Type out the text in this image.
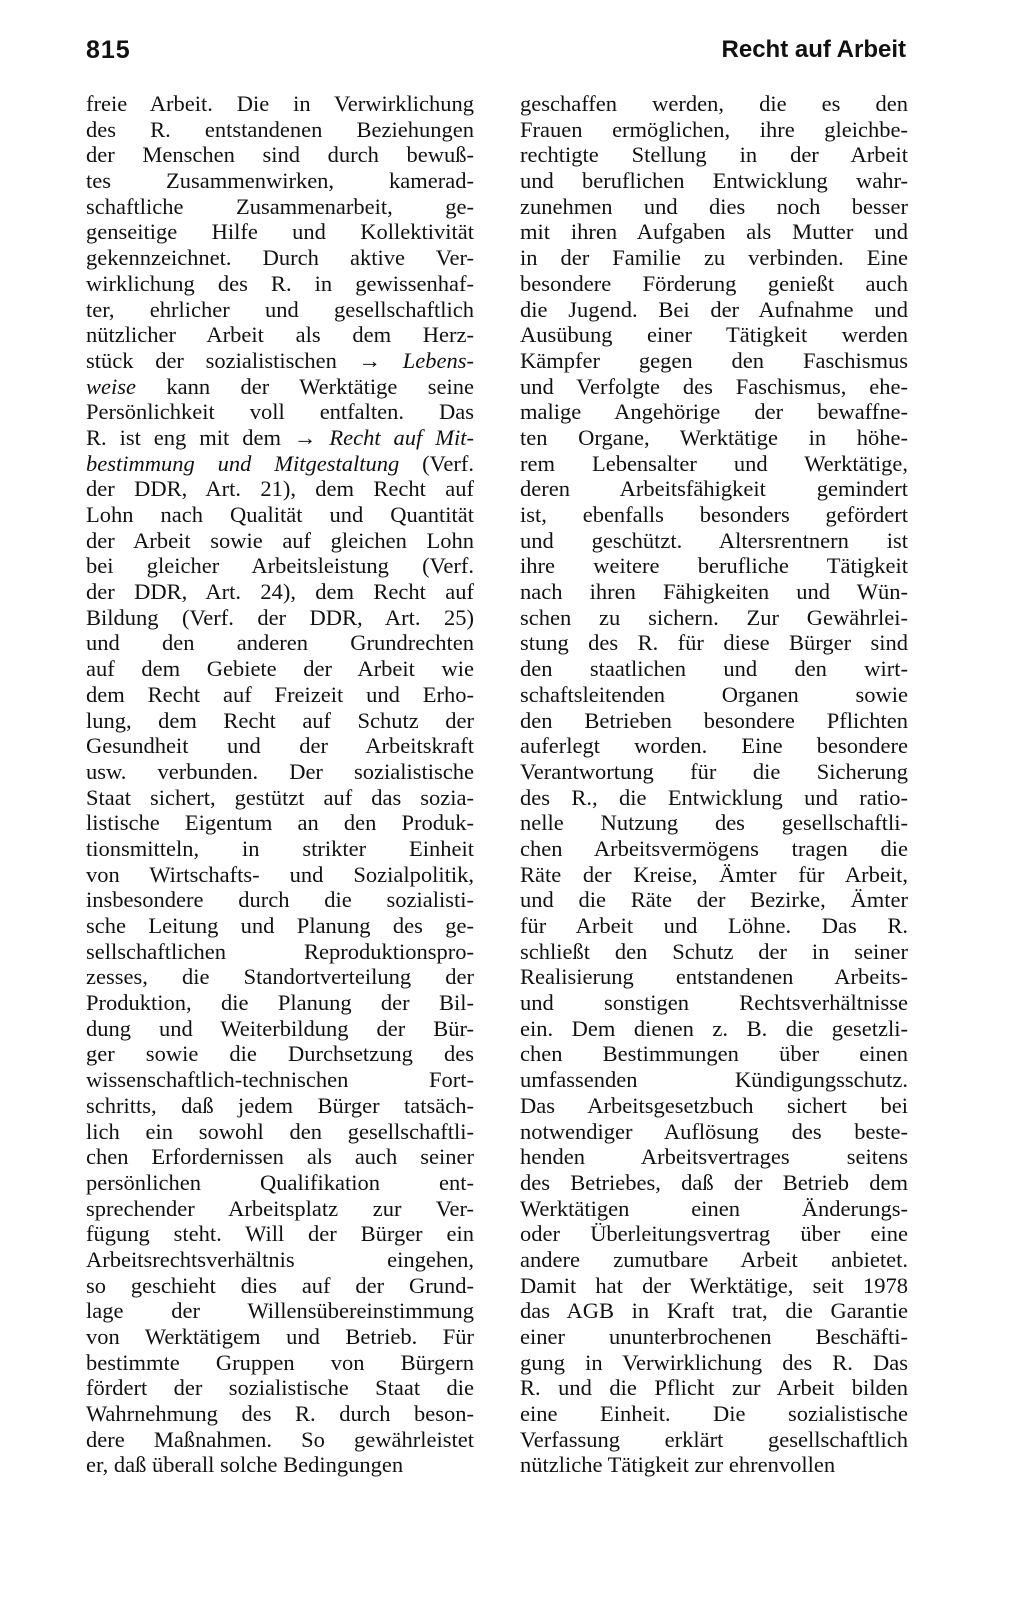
815	Recht auf Arbeit
freie Arbeit. Die in Verwirklichung
des R. entstandenen Beziehungen
der Menschen sind durch bewuß-
tes Zusammenwirken, kamerad-
schaftliche Zusammenarbeit, ge-
genseitige Hilfe und Kollektivität
gekennzeichnet. Durch aktive Ver-
wirklichung des R. in gewissenhaf-
ter, ehrlicher und gesellschaftlich
nützlicher Arbeit als dem Herz-
stück der sozialistischen → Lebens-
weise kann der Werktätige seine
Persönlichkeit voll entfalten. Das
R. ist eng mit dem → Recht auf Mit-
bestimmung und Mitgestaltung (Verf.
der DDR, Art. 21), dem Recht auf
Lohn nach Qualität und Quantität
der Arbeit sowie auf gleichen Lohn
bei gleicher Arbeitsleistung (Verf.
der DDR, Art. 24), dem Recht auf
Bildung (Verf. der DDR, Art. 25)
und den anderen Grundrechten
auf dem Gebiete der Arbeit wie
dem Recht auf Freizeit und Erho-
lung, dem Recht auf Schutz der
Gesundheit und der Arbeitskraft
usw. verbunden. Der sozialistische
Staat sichert, gestützt auf das sozia-
listische Eigentum an den Produk-
tionsmitteln, in strikter Einheit
von Wirtschafts- und Sozialpolitik,
insbesondere durch die sozialisti-
sche Leitung und Planung des ge-
sellschaftlichen Reproduktionspro-
zesses, die Standortverteilung der
Produktion, die Planung der Bil-
dung und Weiterbildung der Bür-
ger sowie die Durchsetzung des
wissenschaftlich-technischen Fort-
schritts, daß jedem Bürger tatsäch-
lich ein sowohl den gesellschaftli-
chen Erfordernissen als auch seiner
persönlichen Qualifikation ent-
sprechender Arbeitsplatz zur Ver-
fügung steht. Will der Bürger ein
Arbeitsrechtsverhältnis eingehen,
so geschieht dies auf der Grund-
lage der Willensübereinstimmung
von Werktätigem und Betrieb. Für
bestimmte Gruppen von Bürgern
fördert der sozialistische Staat die
Wahrnehmung des R. durch beson-
dere Maßnahmen. So gewährleistet
er, daß überall solche Bedingungen
geschaffen werden, die es den
Frauen ermöglichen, ihre gleichbe-
rechtigte Stellung in der Arbeit
und beruflichen Entwicklung wahr-
zunehmen und dies noch besser
mit ihren Aufgaben als Mutter und
in der Familie zu verbinden. Eine
besondere Förderung genießt auch
die Jugend. Bei der Aufnahme und
Ausübung einer Tätigkeit werden
Kämpfer gegen den Faschismus
und Verfolgte des Faschismus, ehe-
malige Angehörige der bewaffne-
ten Organe, Werktätige in höhe-
rem Lebensalter und Werktätige,
deren Arbeitsfähigkeit gemindert
ist, ebenfalls besonders gefördert
und geschützt. Altersrentnern ist
ihre weitere berufliche Tätigkeit
nach ihren Fähigkeiten und Wün-
schen zu sichern. Zur Gewährlei-
stung des R. für diese Bürger sind
den staatlichen und den wirt-
schaftsleitenden Organen sowie
den Betrieben besondere Pflichten
auferlegt worden. Eine besondere
Verantwortung für die Sicherung
des R., die Entwicklung und ratio-
nelle Nutzung des gesellschaftli-
chen Arbeitsvermögens tragen die
Räte der Kreise, Ämter für Arbeit,
und die Räte der Bezirke, Ämter
für Arbeit und Löhne. Das R.
schließt den Schutz der in seiner
Realisierung entstandenen Arbeits-
und sonstigen Rechtsverhältnisse
ein. Dem dienen z. B. die gesetzli-
chen Bestimmungen über einen
umfassenden Kündigungsschutz.
Das Arbeitsgesetzbuch sichert bei
notwendiger Auflösung des beste-
henden Arbeitsvertrages seitens
des Betriebes, daß der Betrieb dem
Werktätigen einen Änderungs-
oder Überleitungsvertrag über eine
andere zumutbare Arbeit anbietet.
Damit hat der Werktätige, seit 1978
das AGB in Kraft trat, die Garantie
einer ununterbrochenen Beschäfti-
gung in Verwirklichung des R. Das
R. und die Pflicht zur Arbeit bilden
eine Einheit. Die sozialistische
Verfassung erklärt gesellschaftlich
nützliche Tätigkeit zur ehrenvollen
